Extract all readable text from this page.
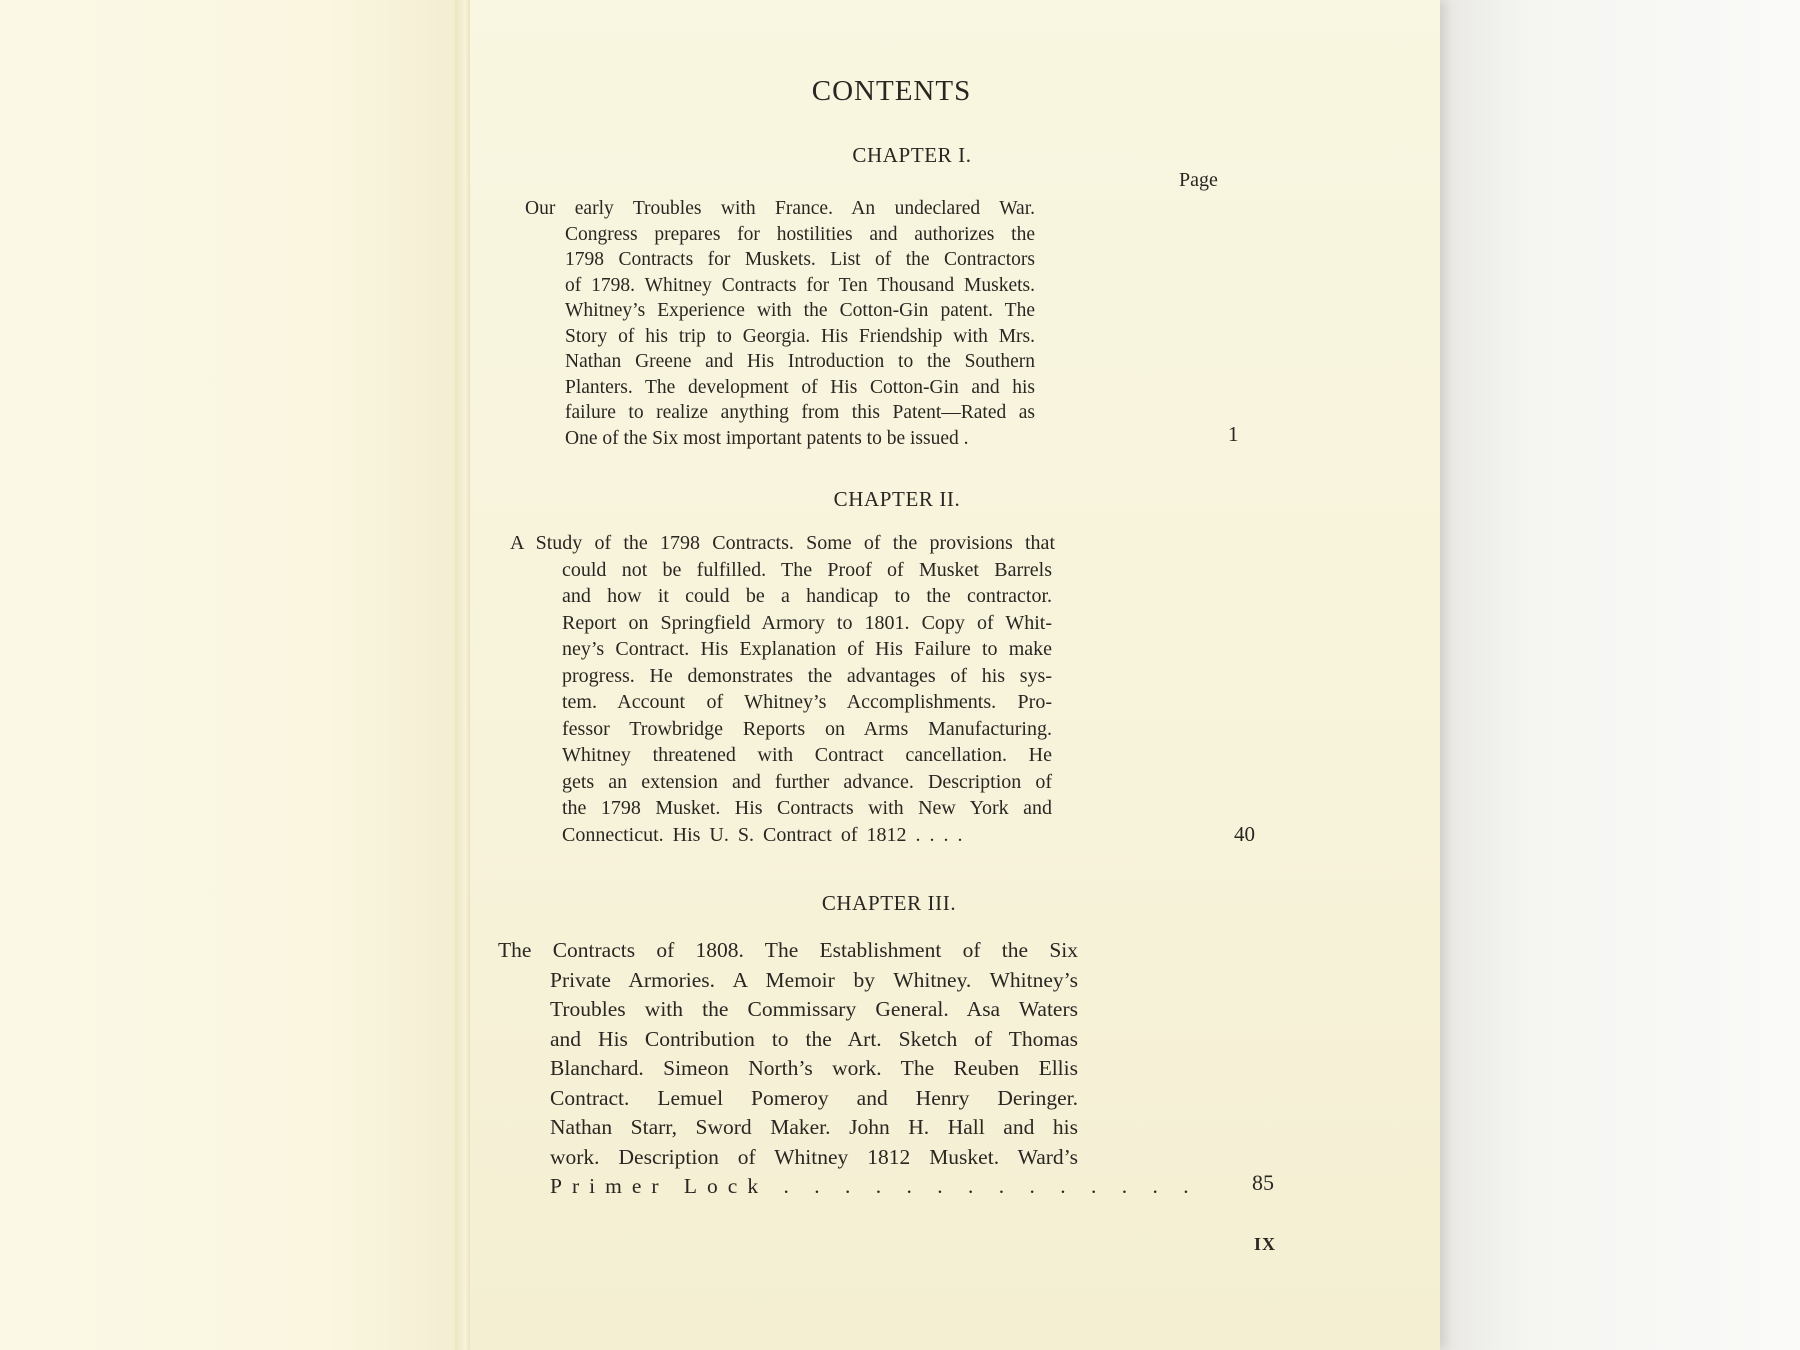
CONTENTS
CHAPTER I.
Page
Our early Troubles with France. An undeclared War.
Congress prepares for hostilities and authorizes the
1798 Contracts for Muskets. List of the Contractors
of 1798. Whitney Contracts for Ten Thousand Muskets.
Whitney’s Experience with the Cotton-Gin patent. The
Story of his trip to Georgia. His Friendship with Mrs.
Nathan Greene and His Introduction to the Southern
Planters. The development of His Cotton-Gin and his
failure to realize anything from this Patent—Rated as
One of the Six most important patents to be issued .	1
CHAPTER II.
A Study of the 1798 Contracts. Some of the provisions that
could not be fulfilled. The Proof of Musket Barrels
and how it could be a handicap to the contractor.
Report on Springfield Armory to 1801. Copy of Whit-
ney’s Contract. His Explanation of His Failure to make
progress. He demonstrates the advantages of his sys-
tem. Account of Whitney’s Accomplishments. Pro-
fessor Trowbridge Reports on Arms Manufacturing.
Whitney threatened with Contract cancellation. He
gets an extension and further advance. Description of
the 1798 Musket. His Contracts with New York and
Connecticut. His U. S. Contract of 1812 . . . .	40
CHAPTER III.
The Contracts of 1808. The Establishment of the Six
Private Armories. A Memoir by Whitney. Whitney’s
Troubles with the Commissary General. Asa Waters
and His Contribution to the Art. Sketch of Thomas
Blanchard. Simeon North’s work. The Reuben Ellis
Contract. Lemuel Pomeroy and Henry Deringer.
Nathan Starr, Sword Maker. John H. Hall and his
work. Description of Whitney 1812 Musket. Ward’s
Primer Lock . . . . . . . . . . . . . . 85
IX
